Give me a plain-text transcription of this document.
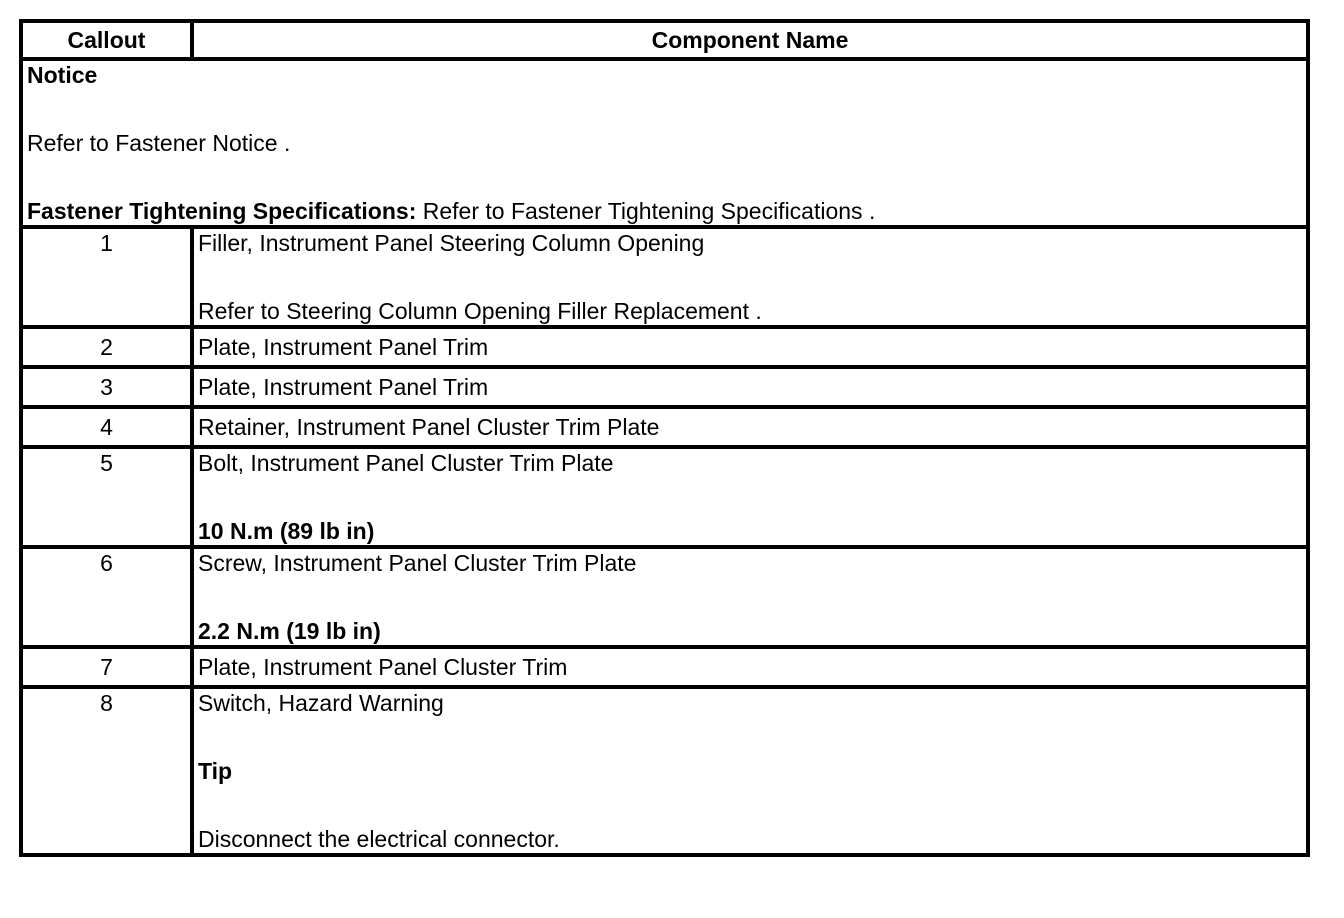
Callout	Component Name

Notice
Refer to Fastener Notice .
Fastener Tightening Specifications: Refer to Fastener Tightening Specifications .	

1	Filler, Instrument Panel Steering Column Opening
Refer to Steering Column Opening Filler Replacement .

2	Plate, Instrument Panel Trim
3	Plate, Instrument Panel Trim
4	Retainer, Instrument Panel Cluster Trim Plate
5	Bolt, Instrument Panel Cluster Trim Plate
10 N.m (89 lb in)

6	Screw, Instrument Panel Cluster Trim Plate
2.2 N.m (19 lb in)

7	Plate, Instrument Panel Cluster Trim
8	Switch, Hazard Warning
Tip
Disconnect the electrical connector.
